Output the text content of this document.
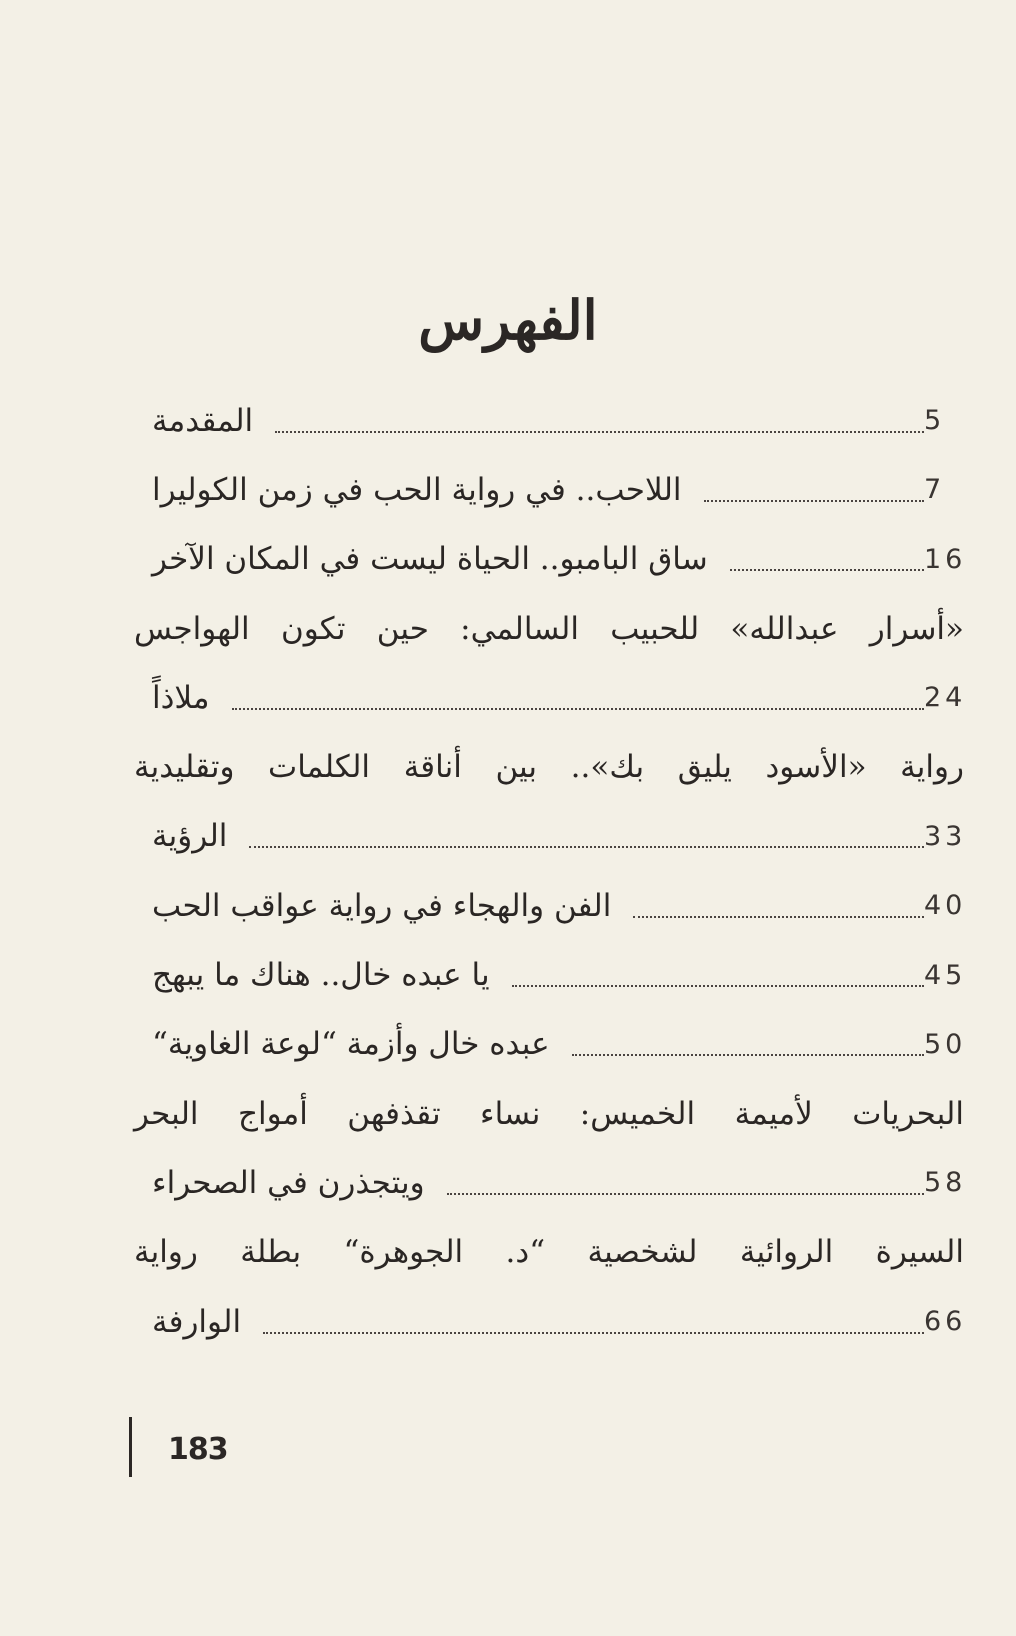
الفهرس
المقدمة	5
اللاحب.. في رواية الحب في زمن الكوليرا	7
ساق البامبو.. الحياة ليست في المكان الآخر	16
«أسرار عبدالله» للحبيب السالمي: حين تكون الهواجس
ملاذاً	24
رواية «الأسود يليق بك».. بين أناقة الكلمات وتقليدية
الرؤية	33
الفن والهجاء في رواية عواقب الحب	40
يا عبده خال.. هناك ما يبهج	45
عبده خال وأزمة “لوعة الغاوية“	50
البحريات لأميمة الخميس: نساء تقذفهن أمواج البحر
ويتجذرن في الصحراء	58
السيرة الروائية لشخصية “د. الجوهرة“ بطلة رواية
الوارفة	66
183
